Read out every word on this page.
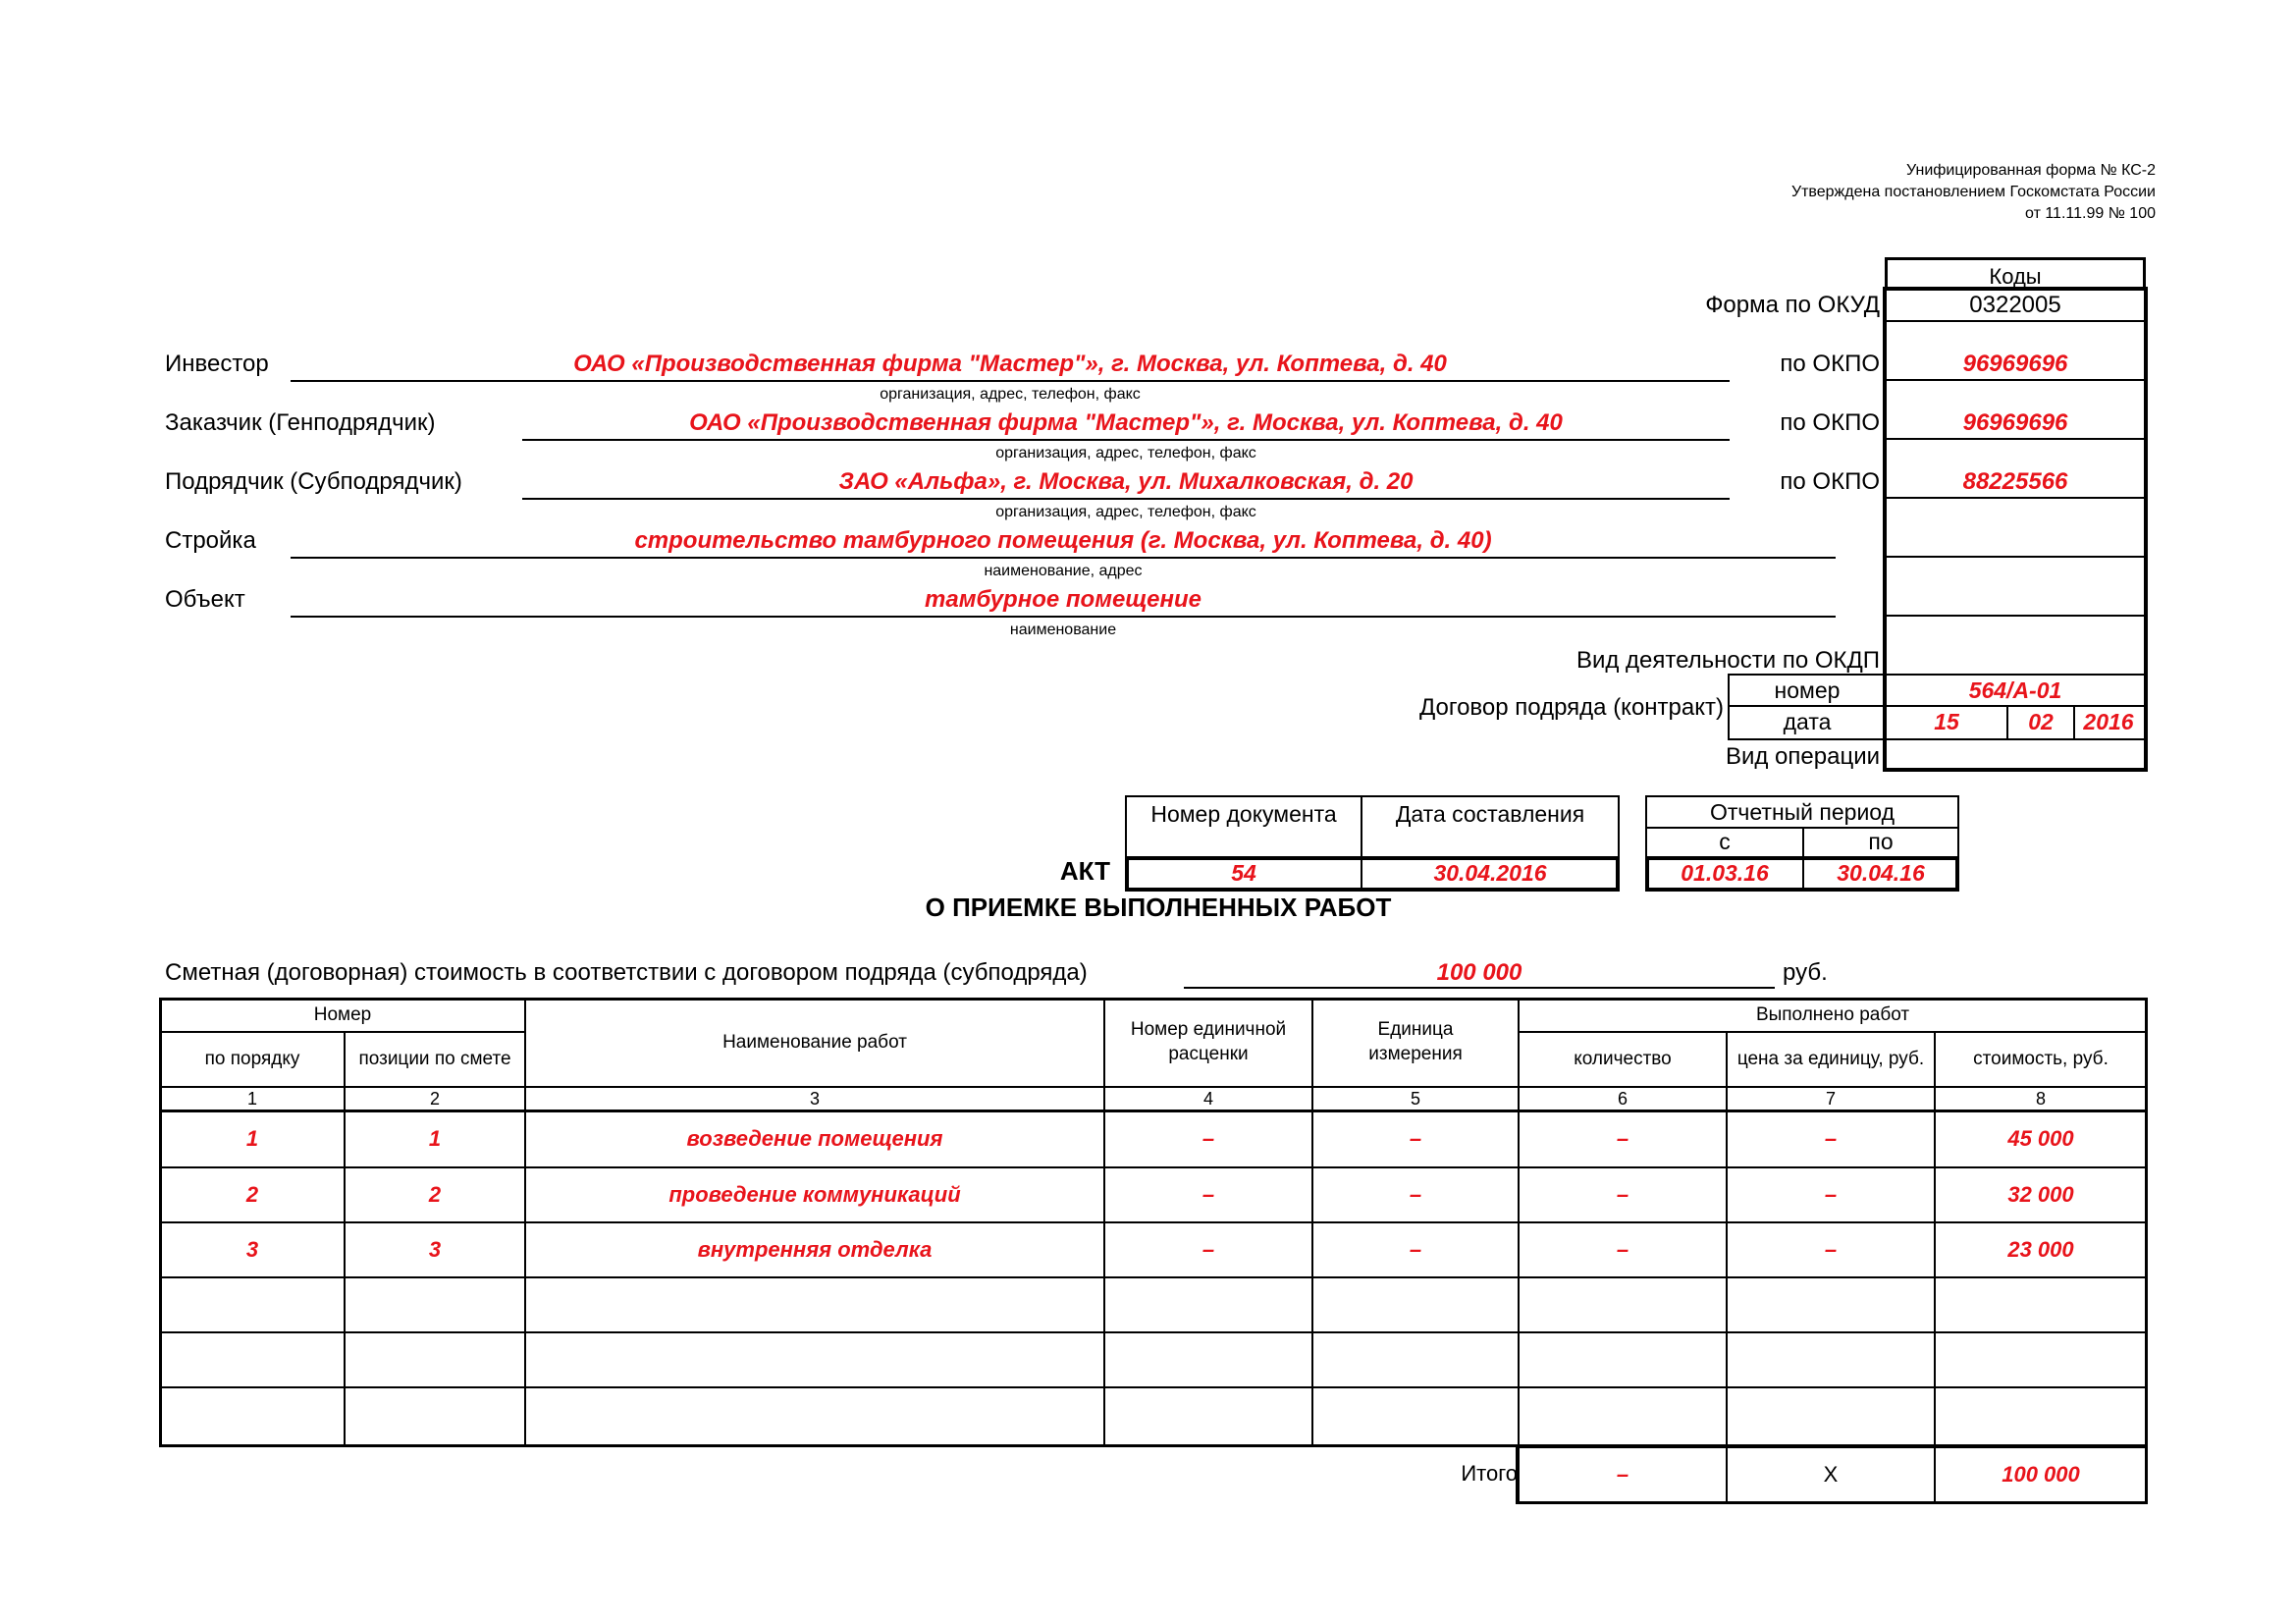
Унифицированная форма № КС-2
Утверждена постановлением Госкомстата России
от 11.11.99 № 100
Коды
Форма по ОКУД	0322005
по ОКПО	96969696
по ОКПО	96969696
по ОКПО	88225566
Вид деятельности по ОКДП
Договор подряда (контракт)
номер	564/А-01
дата	15	02	2016
Вид операции
Инвестор	ОАО «Производственная фирма "Мастер"», г. Москва, ул. Коптева, д. 40
организация, адрес, телефон, факс
Заказчик (Генподрядчик)	ОАО «Производственная фирма "Мастер"», г. Москва, ул. Коптева, д. 40
организация, адрес, телефон, факс
Подрядчик (Субподрядчик)	ЗАО «Альфа», г. Москва, ул. Михалковская, д. 20
организация, адрес, телефон, факс
Стройка	строительство тамбурного помещения (г. Москва, ул. Коптева, д. 40)
наименование, адрес
Объект	тамбурное помещение
наименование
Номер документа	Дата составления
54	30.04.2016
Отчетный период
с	по
01.03.16	30.04.16
АКТ
О ПРИЕМКЕ ВЫПОЛНЕННЫХ РАБОТ
Сметная (договорная) стоимость в соответствии с договором подряда (субподряда)	100 000	руб.
Номер
по порядку	позиции по смете
Наименование работ
Номер единичной расценки
Единица измерения
Выполнено работ
количество	цена за единицу, руб.	стоимость, руб.
1	2	3	4	5	6	7	8
1	1	возведение помещения	–	–	–	–	45 000
2	2	проведение коммуникаций	–	–	–	–	32 000
3	3	внутренняя отделка	–	–	–	–	23 000
Итого	–	Х	100 000
